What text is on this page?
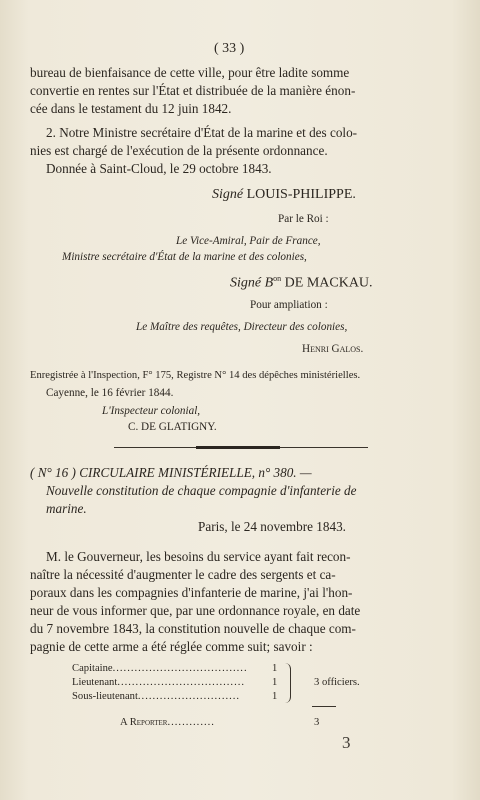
( 33 )
bureau de bienfaisance de cette ville, pour être ladite somme
convertie en rentes sur l'État et distribuée de la manière énon-
cée dans le testament du 12 juin 1842.
2. Notre Ministre secrétaire d'État de la marine et des colo-
nies est chargé de l'exécution de la présente ordonnance.
Donnée à Saint-Cloud, le 29 octobre 1843.
Signé LOUIS-PHILIPPE.
Par le Roi :
Le Vice-Amiral, Pair de France,
Ministre secrétaire d'État de la marine et des colonies,
Signé $B^{on}$ DE MACKAU.
Pour ampliation :
Le Maître des requêtes, Directeur des colonies,
Henri Galos.
Enregistrée à l'Inspection, F° 175, Registre N° 14 des dépêches ministérielles.
Cayenne, le 16 février 1844.
L'Inspecteur colonial,
C. DE GLATIGNY.
( N° 16 ) CIRCULAIRE MINISTÉRIELLE, n° 380. —
Nouvelle constitution de chaque compagnie d'infanterie de
marine.
Paris, le 24 novembre 1843.
M. le Gouverneur, les besoins du service ayant fait recon-
naître la nécessité d'augmenter le cadre des sergents et ca-
poraux dans les compagnies d'infanterie de marine, j'ai l'hon-
neur de vous informer que, par une ordonnance royale, en date
du 7 novembre 1843, la constitution nouvelle de chaque com-
pagnie de cette arme a été réglée comme suit; savoir :
Capitaine..................................... 1
Lieutenant...................................	1
Sous-lieutenant............................	1
3 officiers.
A Reporter.............	3
3
